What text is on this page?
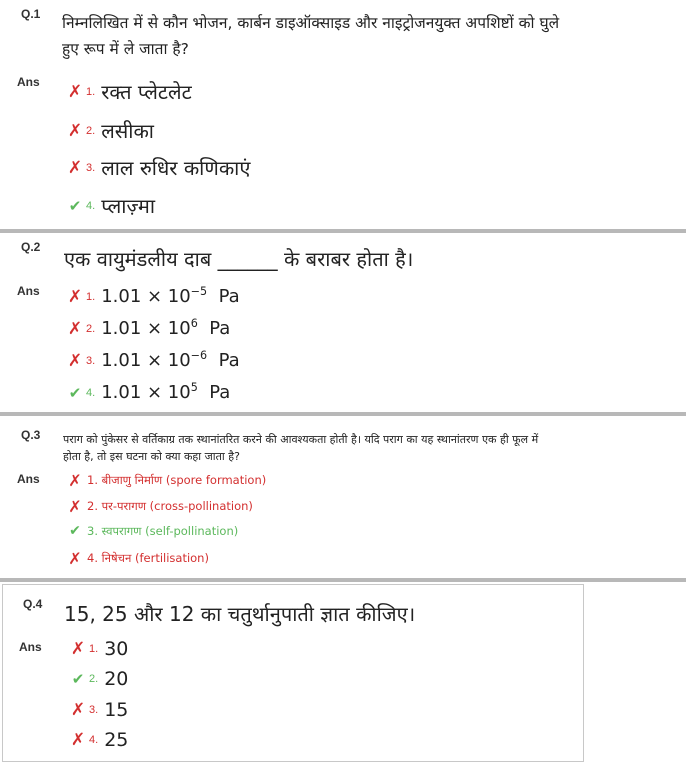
Q.1 निम्नलिखित में से कौन भोजन, कार्बन डाइऑक्साइड और नाइट्रोजनयुक्त अपशिष्टों को घुले
हुए रूप में ले जाता है?
Ans ✗ 1. रक्त प्लेटलेट
✗ 2. लसीका
✗ 3. लाल रुधिर कणिकाएं
✔ 4. प्लाज़्मा
Q.2 एक वायुमंडलीय दाब ______ के बराबर होता है।
Ans ✗ 1. $1.01 \times 10^{-5}$ Pa
✗ 2. $1.01 \times 10^6$ Pa
✗ 3. $1.01 \times 10^{-6}$ Pa
✔ 4. $1.01 \times 10^5$ Pa
Q.3 पराग को पुंकेसर से वर्तिकाग्र तक स्थानांतरित करने की आवश्यकता होती है। यदि पराग का यह स्थानांतरण एक ही फूल में
होता है, तो इस घटना को क्या कहा जाता है?
Ans ✗ 1. बीजाणु निर्माण (spore formation)
✗ 2. पर-परागण (cross-pollination)
✔ 3. स्वपरागण (self-pollination)
✗ 4. निषेचन (fertilisation)
Q.4 15, 25 और 12 का चतुर्थानुपाती ज्ञात कीजिए।
Ans ✗ 1. 30
✔ 2. 20
✗ 3. 15
✗ 4. 25
